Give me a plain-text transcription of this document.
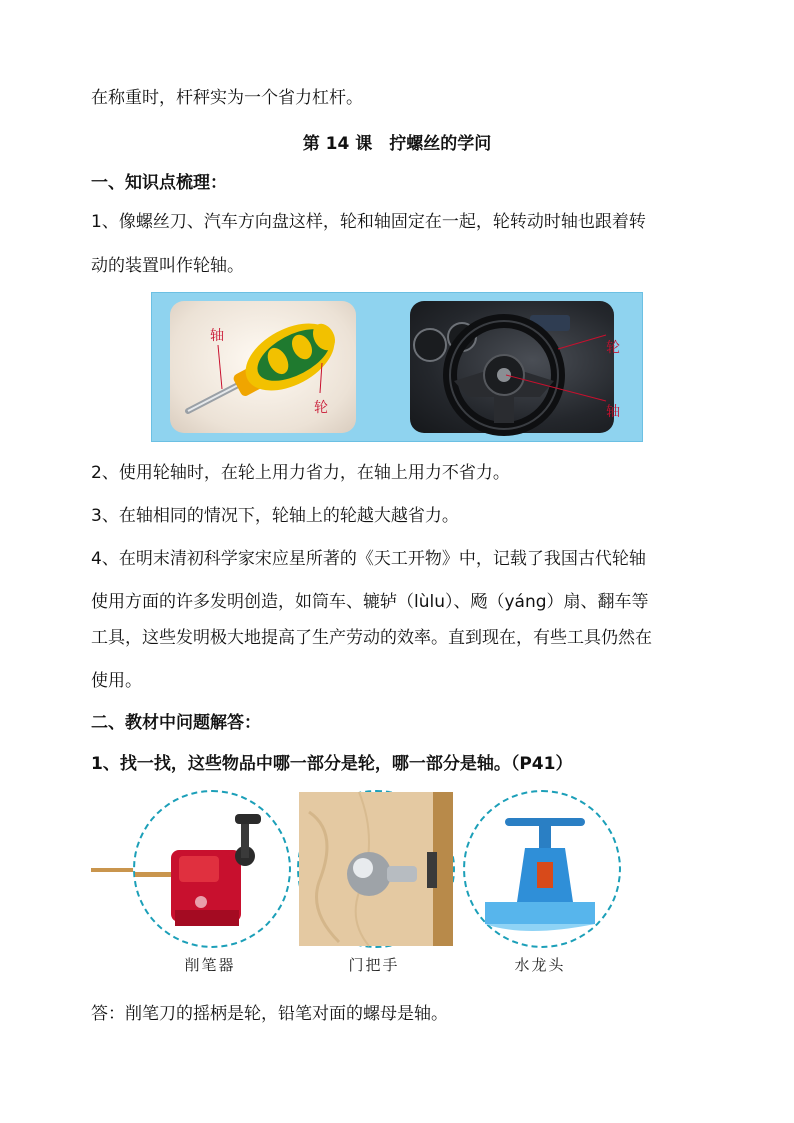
在称重时，杆秤实为一个省力杠杆。
第 14 课　拧螺丝的学问
一、知识点梳理：
1、像螺丝刀、汽车方向盘这样，轮和轴固定在一起，轮转动时轴也跟着转
动的装置叫作轮轴。
轴
轮
轮
轴
2、使用轮轴时，在轮上用力省力，在轴上用力不省力。
3、在轴相同的情况下，轮轴上的轮越大越省力。
4、在明末清初科学家宋应星所著的《天工开物》中，记载了我国古代轮轴
使用方面的许多发明创造，如筒车、辘轳（lùlu）、飏（yáng）扇、翻车等
工具，这些发明极大地提高了生产劳动的效率。直到现在，有些工具仍然在
使用。
二、教材中问题解答：
1、找一找，这些物品中哪一部分是轮，哪一部分是轴。（P41）
削笔器	门把手	水龙头
答：削笔刀的摇柄是轮，铅笔对面的螺母是轴。
